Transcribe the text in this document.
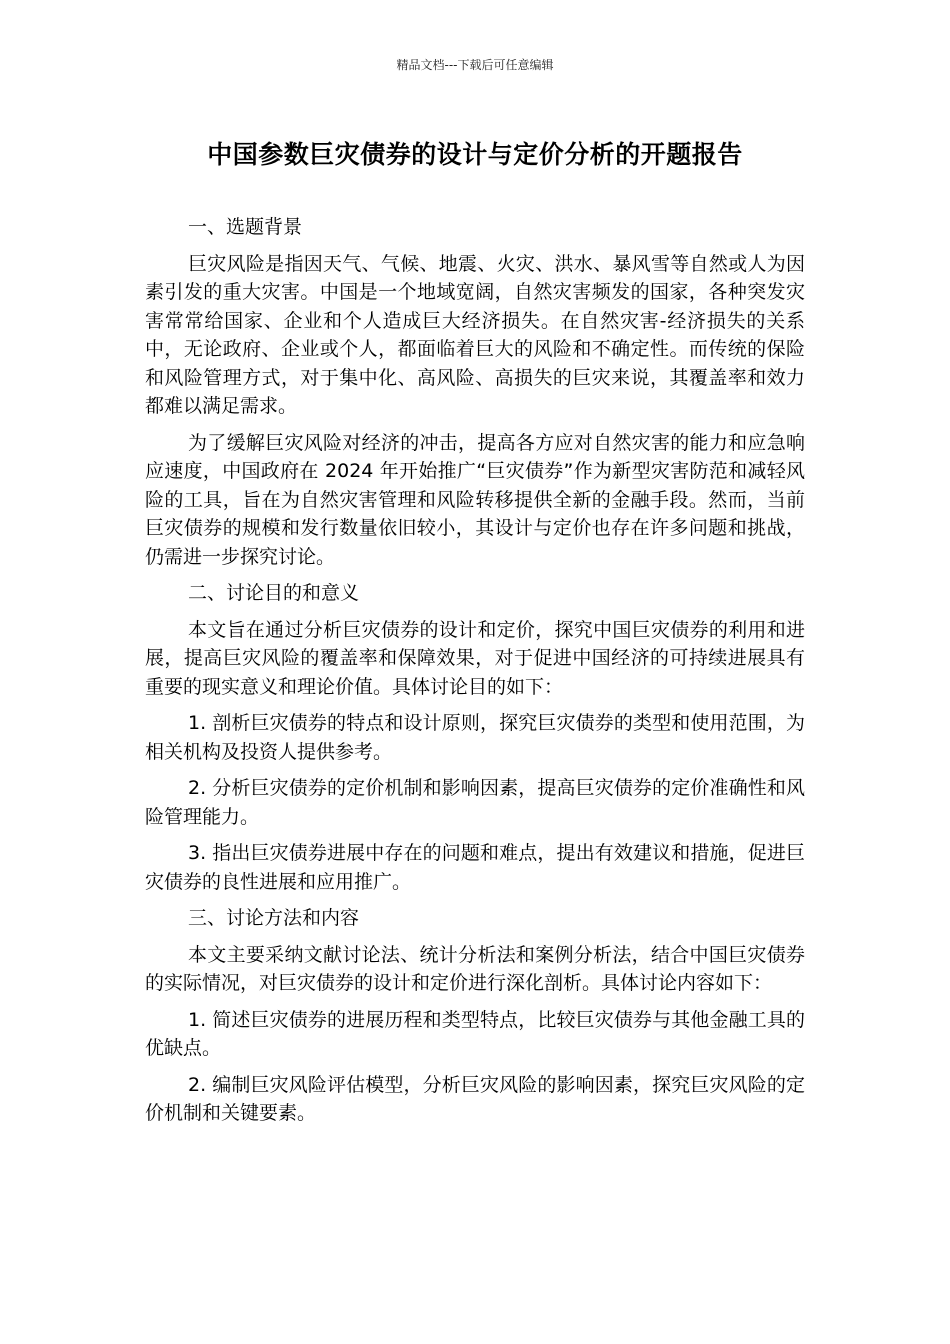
精品文档---下载后可任意编辑
中国参数巨灾债券的设计与定价分析的开题报告

一、选题背景

巨灾风险是指因天气、气候、地震、火灾、洪水、暴风雪等自然或人为因素引发的重大灾害。中国是一个地域宽阔，自然灾害频发的国家，各种突发灾害常常给国家、企业和个人造成巨大经济损失。在自然灾害-经济损失的关系中，无论政府、企业或个人，都面临着巨大的风险和不确定性。而传统的保险和风险管理方式，对于集中化、高风险、高损失的巨灾来说，其覆盖率和效力都难以满足需求。

为了缓解巨灾风险对经济的冲击，提高各方应对自然灾害的能力和应急响应速度，中国政府在 2024 年开始推广“巨灾债券”作为新型灾害防范和减轻风险的工具，旨在为自然灾害管理和风险转移提供全新的金融手段。然而，当前巨灾债券的规模和发行数量依旧较小，其设计与定价也存在许多问题和挑战，仍需进一步探究讨论。

二、讨论目的和意义

本文旨在通过分析巨灾债券的设计和定价，探究中国巨灾债券的利用和进展，提高巨灾风险的覆盖率和保障效果，对于促进中国经济的可持续进展具有重要的现实意义和理论价值。具体讨论目的如下：

1. 剖析巨灾债券的特点和设计原则，探究巨灾债券的类型和使用范围，为相关机构及投资人提供参考。

2. 分析巨灾债券的定价机制和影响因素，提高巨灾债券的定价准确性和风险管理能力。

3. 指出巨灾债券进展中存在的问题和难点，提出有效建议和措施，促进巨灾债券的良性进展和应用推广。

三、讨论方法和内容

本文主要采纳文献讨论法、统计分析法和案例分析法，结合中国巨灾债券的实际情况，对巨灾债券的设计和定价进行深化剖析。具体讨论内容如下：

1. 简述巨灾债券的进展历程和类型特点，比较巨灾债券与其他金融工具的优缺点。

2. 编制巨灾风险评估模型，分析巨灾风险的影响因素，探究巨灾风险的定价机制和关键要素。
